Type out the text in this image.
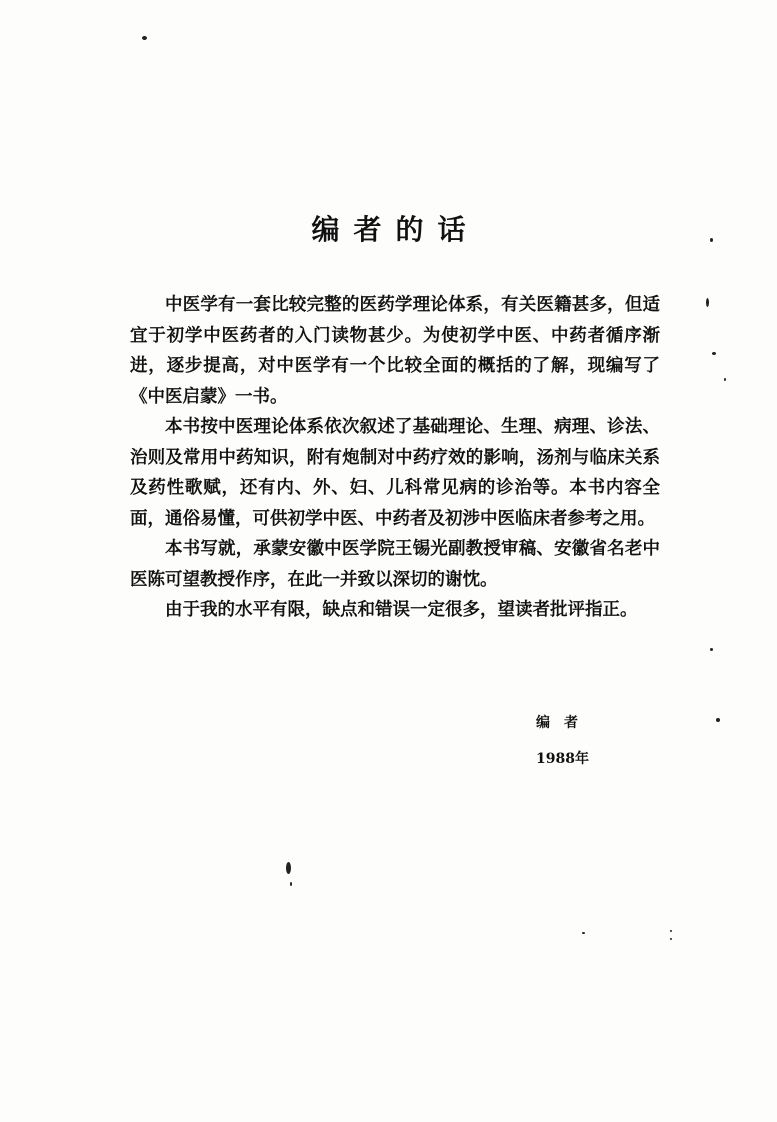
编者的话

中医学有一套比较完整的医药学理论体系，有关医籍甚多，但适宜于初学中医药者的入门读物甚少。为使初学中医、中药者循序渐进，逐步提高，对中医学有一个比较全面的概括的了解，现编写了《中医启蒙》一书。

本书按中医理论体系依次叙述了基础理论、生理、病理、诊法、治则及常用中药知识，附有炮制对中药疗效的影响，汤剂与临床关系及药性歌赋，还有内、外、妇、儿科常见病的诊治等。本书内容全面，通俗易懂，可供初学中医、中药者及初涉中医临床者参考之用。

本书写就，承蒙安徽中医学院王锡光副教授审稿、安徽省名老中医陈可望教授作序，在此一并致以深切的谢忱。

由于我的水平有限，缺点和错误一定很多，望读者批评指正。

编者
1988年
